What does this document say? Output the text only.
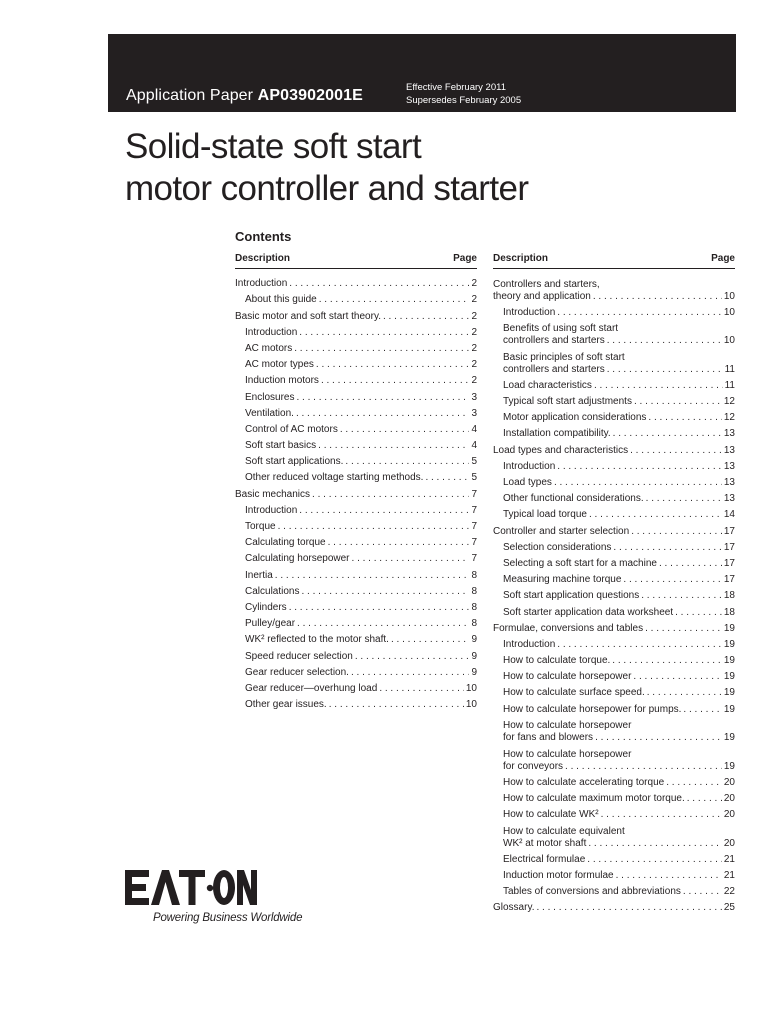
Application Paper AP03902001E	Effective February 2011
Supersedes February 2005
Solid-state soft start
motor controller and starter
Contents
Description	Page
Introduction . . .	2
About this guide . . .	2
Basic motor and soft start theory. . . .	2
Introduction . . .	2
AC motors . . .	2
AC motor types . . .	2
Induction motors . . .	2
Enclosures . . .	3
Ventilation. . . .	3
Control of AC motors . . .	4
Soft start basics . . .	4
Soft start applications. . . .	5
Other reduced voltage starting methods. . . .	5
Basic mechanics . . .	7
Introduction . . .	7
Torque . . .	7
Calculating torque . . .	7
Calculating horsepower . . .	7
Inertia . . .	8
Calculations . . .	8
Cylinders . . .	8
Pulley/gear . . .	8
WK² reflected to the motor shaft. . . .	9
Speed reducer selection . . .	9
Gear reducer selection. . . .	9
Gear reducer—overhung load . . .	10
Other gear issues. . . .	10
Description	Page
Controllers and starters,
theory and application . . .	10
Introduction . . .	10
Benefits of using soft start
controllers and starters . . .	10
Basic principles of soft start
controllers and starters . . .	11
Load characteristics . . .	11
Typical soft start adjustments . . .	12
Motor application considerations . . .	12
Installation compatibility. . . .	13
Load types and characteristics . . .	13
Introduction . . .	13
Load types . . .	13
Other functional considerations. . . .	13
Typical load torque . . .	14
Controller and starter selection . . .	17
Selection considerations . . .	17
Selecting a soft start for a machine . . .	17
Measuring machine torque . . .	17
Soft start application questions . . .	18
Soft starter application data worksheet . . .	18
Formulae, conversions and tables . . .	19
Introduction . . .	19
How to calculate torque. . . .	19
How to calculate horsepower . . .	19
How to calculate surface speed. . . .	19
How to calculate horsepower for pumps. . . .	19
How to calculate horsepower
for fans and blowers . . .	19
How to calculate horsepower
for conveyors . . .	19
How to calculate accelerating torque . . .	20
How to calculate maximum motor torque. . . .	20
How to calculate WK² . . .	20
How to calculate equivalent
WK² at motor shaft . . .	20
Electrical formulae . . .	21
Induction motor formulae . . .	21
Tables of conversions and abbreviations . . .	22
Glossary. . . .	25
Powering Business Worldwide
